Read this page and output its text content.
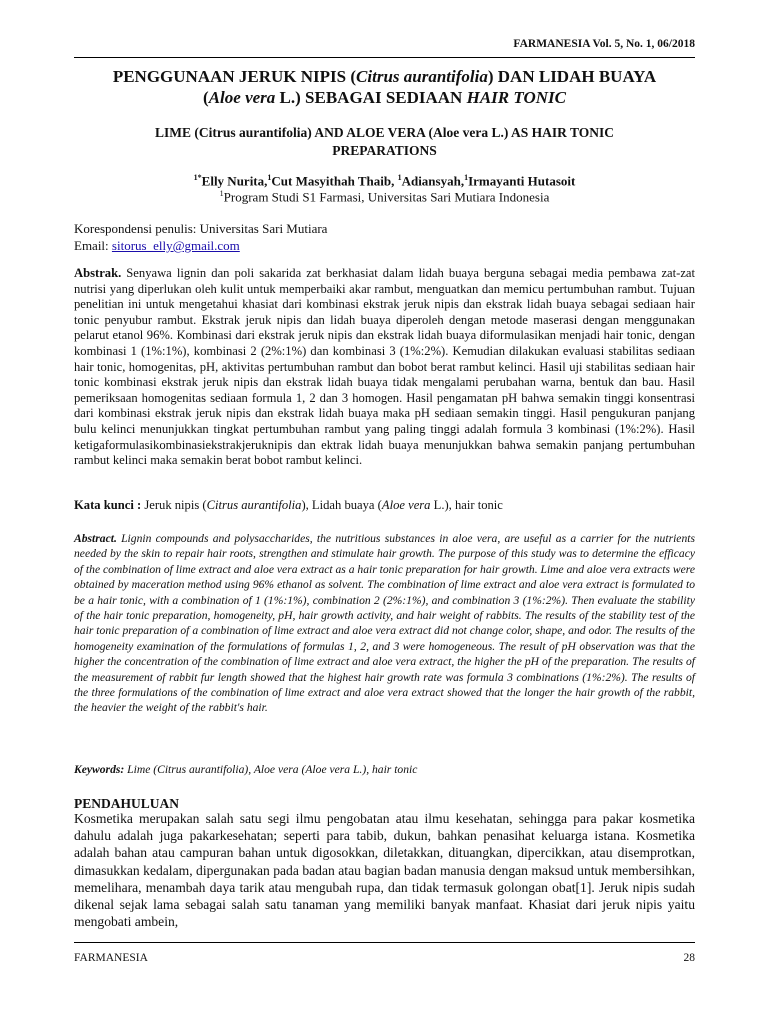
FARMANESIA Vol. 5, No. 1, 06/2018
PENGGUNAAN JERUK NIPIS (Citrus aurantifolia) DAN LIDAH BUAYA
(Aloe vera L.) SEBAGAI SEDIAAN HAIR TONIC
LIME (Citrus aurantifolia) AND ALOE VERA (Aloe vera L.) AS HAIR TONIC
PREPARATIONS
$^{1*}$Elly Nurita,$^1$Cut Masyithah Thaib, $^1$Adiansyah,$^1$Irmayanti Hutasoit
$^1$Program Studi S1 Farmasi, Universitas Sari Mutiara Indonesia
Korespondensi penulis: Universitas Sari Mutiara
Email: sitorus_elly@gmail.com
Abstrak. Senyawa lignin dan poli sakarida zat berkhasiat dalam lidah buaya berguna sebagai media pembawa zat-zat nutrisi yang diperlukan oleh kulit untuk memperbaiki akar rambut, menguatkan dan memicu pertumbuhan rambut. Tujuan penelitian ini untuk mengetahui khasiat dari kombinasi ekstrak jeruk nipis dan ekstrak lidah buaya sebagai sediaan hair tonic penyubur rambut. Ekstrak jeruk nipis dan lidah buaya diperoleh dengan metode maserasi dengan menggunakan pelarut etanol 96%. Kombinasi dari ekstrak jeruk nipis dan ekstrak lidah buaya diformulasikan menjadi hair tonic, dengan kombinasi 1 (1%:1%), kombinasi 2 (2%:1%) dan kombinasi 3 (1%:2%). Kemudian dilakukan evaluasi stabilitas sediaan hair tonic, homogenitas, pH, aktivitas pertumbuhan rambut dan bobot berat rambut kelinci. Hasil uji stabilitas sediaan hair tonic kombinasi ekstrak jeruk nipis dan ekstrak lidah buaya tidak mengalami perubahan warna, bentuk dan bau. Hasil pemeriksaan homogenitas sediaan formula 1, 2 dan 3 homogen. Hasil pengamatan pH bahwa semakin tinggi konsentrasi dari kombinasi ekstrak jeruk nipis dan ekstrak lidah buaya maka pH sediaan semakin tinggi. Hasil pengukuran panjang bulu kelinci menunjukkan tingkat pertumbuhan rambut yang paling tinggi adalah formula 3 kombinasi (1%:2%). Hasil ketigaformulasikombinasiekstrakjeruknipis dan ektrak lidah buaya menunjukkan bahwa semakin panjang pertumbuhan rambut kelinci maka semakin berat bobot rambut kelinci.
Kata kunci : Jeruk nipis (Citrus aurantifolia), Lidah buaya (Aloe vera L.), hair tonic
Abstract. Lignin compounds and polysaccharides, the nutritious substances in aloe vera, are useful as a carrier for the nutrients needed by the skin to repair hair roots, strengthen and stimulate hair growth. The purpose of this study was to determine the efficacy of the combination of lime extract and aloe vera extract as a hair tonic preparation for hair growth. Lime and aloe vera extracts were obtained by maceration method using 96% ethanol as solvent. The combination of lime extract and aloe vera extract is formulated to be a hair tonic, with a combination of 1 (1%:1%), combination 2 (2%:1%), and combination 3 (1%:2%). Then evaluate the stability of the hair tonic preparation, homogeneity, pH, hair growth activity, and hair weight of rabbits. The results of the stability test of the hair tonic preparation of a combination of lime extract and aloe vera extract did not change color, shape, and odor. The results of the homogeneity examination of the formulations of formulas 1, 2, and 3 were homogeneous. The result of pH observation was that the higher the concentration of the combination of lime extract and aloe vera extract, the higher the pH of the preparation. The results of the measurement of rabbit fur length showed that the highest hair growth rate was formula 3 combinations (1%:2%). The results of the three formulations of the combination of lime extract and aloe vera extract showed that the longer the hair growth of the rabbit, the heavier the weight of the rabbit's hair.
Keywords: Lime (Citrus aurantifolia), Aloe vera (Aloe vera L.), hair tonic
PENDAHULUAN
Kosmetika merupakan salah satu segi ilmu pengobatan atau ilmu kesehatan, sehingga para pakar kosmetika dahulu adalah juga pakarkesehatan; seperti para tabib, dukun, bahkan penasihat keluarga istana. Kosmetika adalah bahan atau campuran bahan untuk digosokkan, diletakkan, dituangkan, dipercikkan, atau disemprotkan, dimasukkan kedalam, dipergunakan pada badan atau bagian badan manusia dengan maksud untuk membersihkan, memelihara, menambah daya tarik atau mengubah rupa, dan tidak termasuk golongan obat[1]. Jeruk nipis sudah dikenal sejak lama sebagai salah satu tanaman yang memiliki banyak manfaat. Khasiat dari jeruk nipis yaitu mengobati ambein,
FARMANESIA	28
